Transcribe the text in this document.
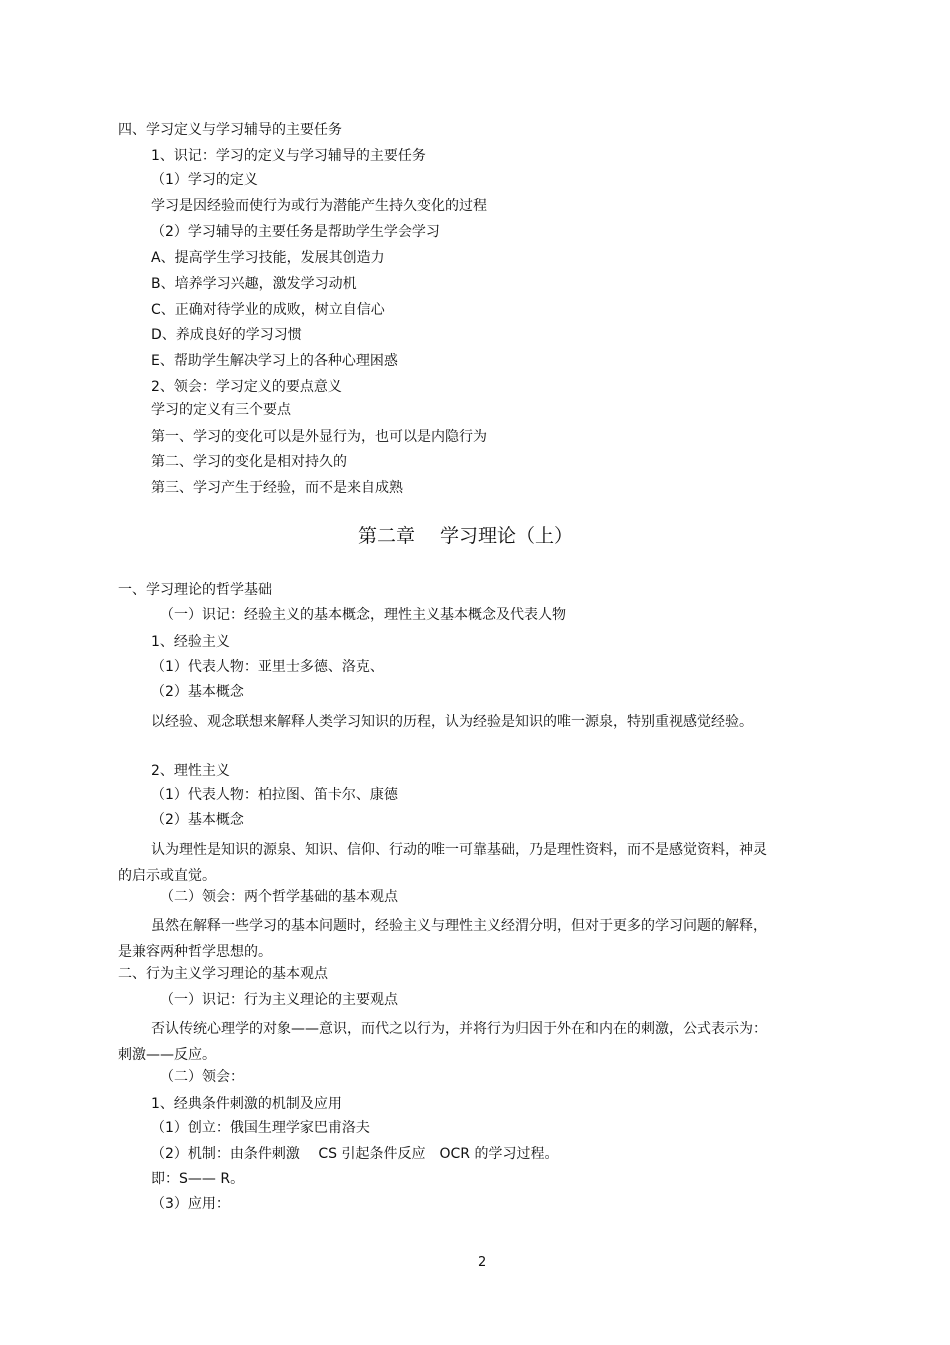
四、学习定义与学习辅导的主要任务
1、识记：学习的定义与学习辅导的主要任务
（1）学习的定义
学习是因经验而使行为或行为潜能产生持久变化的过程
（2）学习辅导的主要任务是帮助学生学会学习
A、提高学生学习技能，发展其创造力
B、培养学习兴趣，激发学习动机
C、正确对待学业的成败，树立自信心
D、养成良好的学习习惯
E、帮助学生解决学习上的各种心理困惑
2、领会：学习定义的要点意义
学习的定义有三个要点
第一、学习的变化可以是外显行为，也可以是内隐行为
第二、学习的变化是相对持久的
第三、学习产生于经验，而不是来自成熟
第二章　 学习理论（上）
一、学习理论的哲学基础
（一）识记：经验主义的基本概念，理性主义基本概念及代表人物
1、经验主义
（1）代表人物：亚里士多德、洛克、
（2）基本概念
以经验、观念联想来解释人类学习知识的历程，认为经验是知识的唯一源泉，特别重视感觉经验。
2、理性主义
（1）代表人物：柏拉图、笛卡尔、康德
（2）基本概念
认为理性是知识的源泉、知识、信仰、行动的唯一可靠基础，乃是理性资料，而不是感觉资料，神灵的启示或直觉。
（二）领会：两个哲学基础的基本观点
虽然在解释一些学习的基本问题时，经验主义与理性主义经渭分明，但对于更多的学习问题的解释，是兼容两种哲学思想的。
二、行为主义学习理论的基本观点
（一）识记：行为主义理论的主要观点
否认传统心理学的对象——意识，而代之以行为，并将行为归因于外在和内在的刺激，公式表示为：刺激——反应。
（二）领会：
1、经典条件刺激的机制及应用
（1）创立：俄国生理学家巴甫洛夫
（2）机制：由条件刺激　 CS 引起条件反应　OCR 的学习过程。
即：S—— R。
（3）应用：
2
